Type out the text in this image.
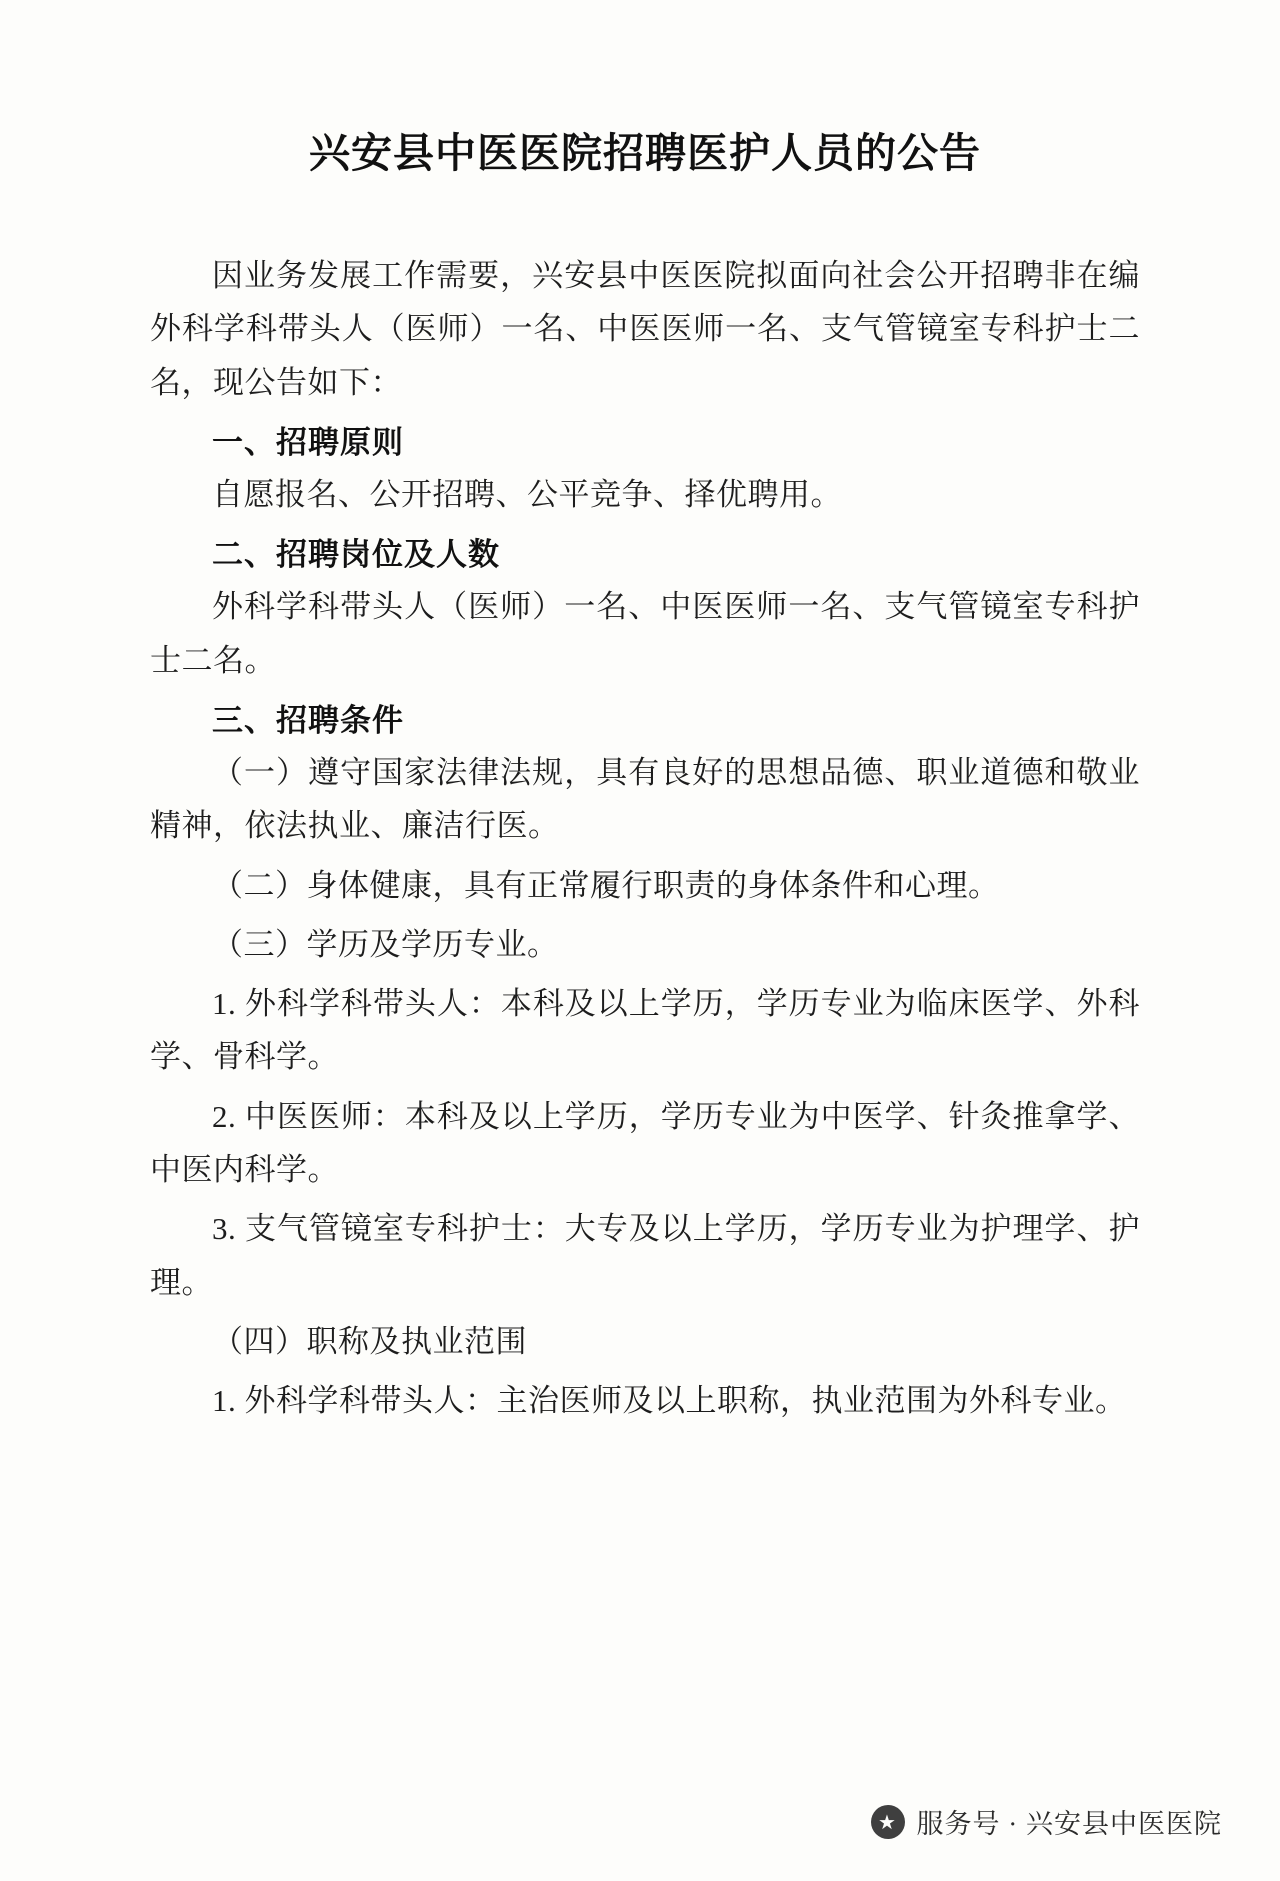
兴安县中医医院招聘医护人员的公告

因业务发展工作需要，兴安县中医医院拟面向社会公开招聘非在编外科学科带头人（医师）一名、中医医师一名、支气管镜室专科护士二名，现公告如下：

一、招聘原则

自愿报名、公开招聘、公平竞争、择优聘用。

二、招聘岗位及人数

外科学科带头人（医师）一名、中医医师一名、支气管镜室专科护士二名。

三、招聘条件

（一）遵守国家法律法规，具有良好的思想品德、职业道德和敬业精神，依法执业、廉洁行医。

（二）身体健康，具有正常履行职责的身体条件和心理。

（三）学历及学历专业。

1. 外科学科带头人：本科及以上学历，学历专业为临床医学、外科学、骨科学。

2. 中医医师：本科及以上学历，学历专业为中医学、针灸推拿学、中医内科学。

3. 支气管镜室专科护士：大专及以上学历，学历专业为护理学、护理。

（四）职称及执业范围

1. 外科学科带头人：主治医师及以上职称，执业范围为外科专业。

★ 服务号 · 兴安县中医医院
